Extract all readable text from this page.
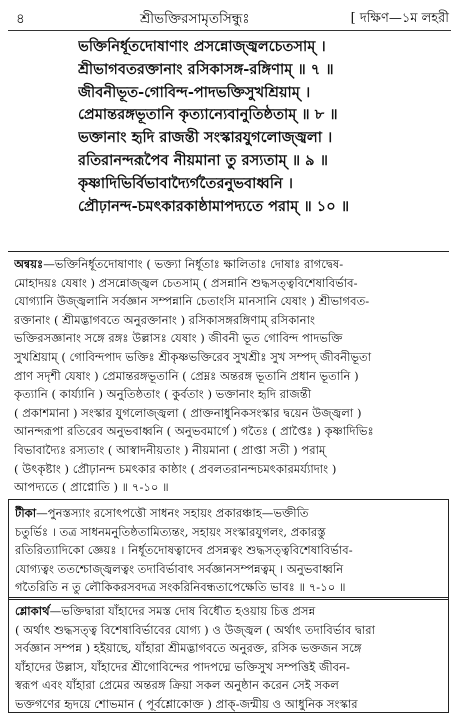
৪	শ্রীভক্তিরসামৃতসিন্ধুঃ	[ দক্ষিণ—১ম লহরী
ভক্তিনির্ধূতদোষাণাং প্রসন্নোজ্জ্বলচেতসাম্ ।
শ্রীভাগবতরক্তানাং রসিকাসঙ্গ-রঙ্গিণাম্ ॥ ৭ ॥
জীবনীভূত-গোবিন্দ-পাদভক্তিসুখশ্রিয়াম্ ।
প্রেমান্তরঙ্গভূতানি কৃত্যান্যেবানুতিষ্ঠতাম্ ॥ ৮ ॥
ভক্তানাং হৃদি রাজন্তী সংস্কারযুগলোজ্জ্বলা ।
রতিরানন্দরূপৈব নীয়মানা তু রস্যতাম্ ॥ ৯ ॥
কৃষ্ণাদিভির্বিভাবাদ্যৈর্গতৈরনুভবাধ্বনি ।
প্রৌঢ়ানন্দ-চমৎকারকাষ্ঠামাপদ্যতে পরাম্ ॥ ১০ ॥
অন্বয়ঃ—ভক্তিনির্ধূতদোষাণাং ( ভক্ত্যা নির্ধূতাঃ ক্ষালিতাঃ দোষাঃ রাগদ্বেষ-
মোহাদয়ঃ যেষাং ) প্রসন্নোজ্জ্বল চেতসাম্ ( প্রসন্নানি শুদ্ধসত্ত্ববিশেষাবির্ভাব-
যোগ্যানি উজ্জ্বলানি সর্বজ্ঞান সম্পন্নানি চেতাংসি মানসানি যেষাং ) শ্রীভাগবত-
রক্তানাং ( শ্রীমদ্ভাগবতে অনুরক্তানাং ) রসিকাসঙ্গরঙ্গিণাম্ রসিকানাং
ভক্তিরসজ্ঞানাং সঙ্গে রঙ্গঃ উল্লাসঃ যেষাং ) জীবনী ভূত গোবিন্দ পাদভক্তি
সুখশ্রিয়াম্ ( গোবিন্দপাদ ভক্তিঃ শ্রীকৃষ্ণভক্তিরেব সুখশ্রীঃ সুখ সম্পদ্ জীবনীভূতা
প্রাণ সদৃশী যেষাং ) প্রেমান্তরঙ্গভূতানি ( প্রেম্নঃ অন্তরঙ্গ ভূতানি প্রধান ভূতানি )
কৃত্যানি ( কার্য্যানি ) অনুতিষ্ঠতাং ( কুর্বতাং ) ভক্তানাং হৃদি রাজন্তী
( প্রকাশমানা ) সংস্কার যুগলোজ্জ্বলা ( প্রাক্তনাধুনিকসংস্কার দ্বয়েন উজ্জ্বলা )
আনন্দরূপা রতিরেব অনুভবাধ্বনি ( অনুভবমার্গে ) গতৈঃ ( প্রাপ্তৈঃ ) কৃষ্ণাদিভিঃ
বিভাবাদ্যৈঃ রস্যতাং ( আস্বাদনীয়তাং ) নীয়মানা ( প্রাপ্তা সতী ) পরাম্
( উৎকৃষ্টাং ) প্রৌঢ়ানন্দ চমৎকার কাষ্ঠাং ( প্রবলতরানন্দচমৎকারমর্য্যাদাং )
আপদ্যতে ( প্রাপ্নোতি ) ॥ ৭-১০ ॥
টীকা—পুনস্তস্যাং রসোৎপত্তৌ সাধনং সহায়ং প্রকারঞ্চাহ—ভক্তীতি
চতুর্ভিঃ । তত্র সাধনমনুতিষ্ঠতামিত্যন্তং, সহায়ং সংস্কারযুগলং, প্রকারস্তু
রতিরিত্যাদিকো জ্ঞেয়ঃ । নির্ধূতদোষত্বাদেব প্রসন্নত্বং শুদ্ধসত্ত্ববিশেষাবির্ভাব-
যোগ্যত্বং ততশ্চোজ্জ্বলত্বং তদাবির্ভাবাৎ সর্বজ্ঞানসম্পন্নত্বম্ । অনুভবাধ্বনি
গতৈরিতি ন তু লৌকিকরসবদত্র সংকরিনিবন্ধতাপেক্ষেতি ভাবঃ ॥ ৭-১০ ॥
শ্লোকার্থ—ভক্তিদ্বারা যাঁহাদের সমস্ত দোষ বিধৌত হওয়ায় চিত্ত প্রসন্ন
( অর্থাৎ শুদ্ধসত্ত্ব বিশেষাবির্ভাবের যোগ্য ) ও উজ্জ্বল ( অর্থাৎ তদাবির্ভাব দ্বারা
সর্বজ্ঞান সম্পন্ন ) হইয়াছে, যাঁহারা শ্রীমদ্ভাগবতে অনুরক্ত, রসিক ভক্তজন সঙ্গে
যাঁহাদের উল্লাস, যাঁহাদের শ্রীগোবিন্দের পাদপদ্মে ভক্তিসুখ সম্পত্তিই জীবন-
স্বরূপ এবং যাঁহারা প্রেমের অন্তরঙ্গ ক্রিয়া সকল অনুষ্ঠান করেন সেই সকল
ভক্তগণের হৃদয়ে শোভমান ( পূর্বশ্লোকোক্ত ) প্রাক্-জন্মীয় ও আধুনিক সংস্কার
